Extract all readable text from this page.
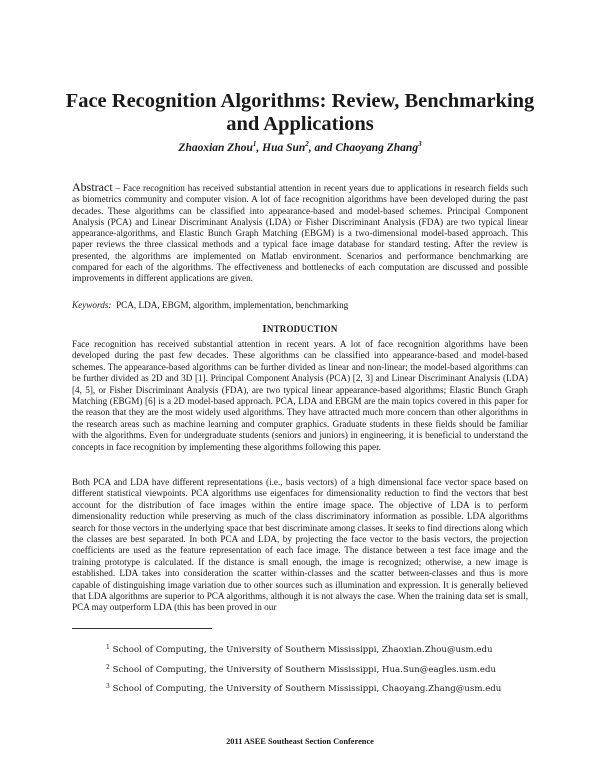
Face Recognition Algorithms: Review, Benchmarking and Applications
Zhaoxian Zhou$^1$, Hua Sun$^2$, and Chaoyang Zhang$^3$

Abstract – Face recognition has received substantial attention in recent years due to applications in research fields such as biometrics community and computer vision. A lot of face recognition algorithms have been developed during the past decades. These algorithms can be classified into appearance-based and model-based schemes. Principal Component Analysis (PCA) and Linear Discriminant Analysis (LDA) or Fisher Discriminant Analysis (FDA) are two typical linear appearance-algorithms, and Elastic Bunch Graph Matching (EBGM) is a two-dimensional model-based approach. This paper reviews the three classical methods and a typical face image database for standard testing. After the review is presented, the algorithms are implemented on Matlab environment. Scenarios and performance benchmarking are compared for each of the algorithms. The effectiveness and bottlenecks of each computation are discussed and possible improvements in different applications are given.

Keywords: PCA, LDA, EBGM, algorithm, implementation, benchmarking
INTRODUCTION

Face recognition has received substantial attention in recent years. A lot of face recognition algorithms have been developed during the past few decades. These algorithms can be classified into appearance-based and model-based schemes. The appearance-based algorithms can be further divided as linear and non-linear; the model-based algorithms can be further divided as 2D and 3D [1]. Principal Component Analysis (PCA) [2, 3] and Linear Discriminant Analysis (LDA) [4, 5], or Fisher Discriminant Analysis (FDA), are two typical linear appearance-based algorithms; Elastic Bunch Graph Matching (EBGM) [6] is a 2D model-based approach. PCA, LDA and EBGM are the main topics covered in this paper for the reason that they are the most widely used algorithms. They have attracted much more concern than other algorithms in the research areas such as machine learning and computer graphics. Graduate students in these fields should be familiar with the algorithms. Even for undergraduate students (seniors and juniors) in engineering, it is beneficial to understand the concepts in face recognition by implementing these algorithms following this paper.

Both PCA and LDA have different representations (i.e., basis vectors) of a high dimensional face vector space based on different statistical viewpoints. PCA algorithms use eigenfaces for dimensionality reduction to find the vectors that best account for the distribution of face images within the entire image space. The objective of LDA is to perform dimensionality reduction while preserving as much of the class discriminatory information as possible. LDA algorithms search for those vectors in the underlying space that best discriminate among classes. It seeks to find directions along which the classes are best separated. In both PCA and LDA, by projecting the face vector to the basis vectors, the projection coefficients are used as the feature representation of each face image. The distance between a test face image and the training prototype is calculated. If the distance is small enough, the image is recognized; otherwise, a new image is established. LDA takes into consideration the scatter within-classes and the scatter between-classes and thus is more capable of distinguishing image variation due to other sources such as illumination and expression. It is generally believed that LDA algorithms are superior to PCA algorithms, although it is not always the case. When the training data set is small, PCA may outperform LDA (this has been proved in our

$^1$ School of Computing, the University of Southern Mississippi, Zhaoxian.Zhou@usm.edu

$^2$ School of Computing, the University of Southern Mississippi, Hua.Sun@eagles.usm.edu

$^3$ School of Computing, the University of Southern Mississippi, Chaoyang.Zhang@usm.edu

2011 ASEE Southeast Section Conference
